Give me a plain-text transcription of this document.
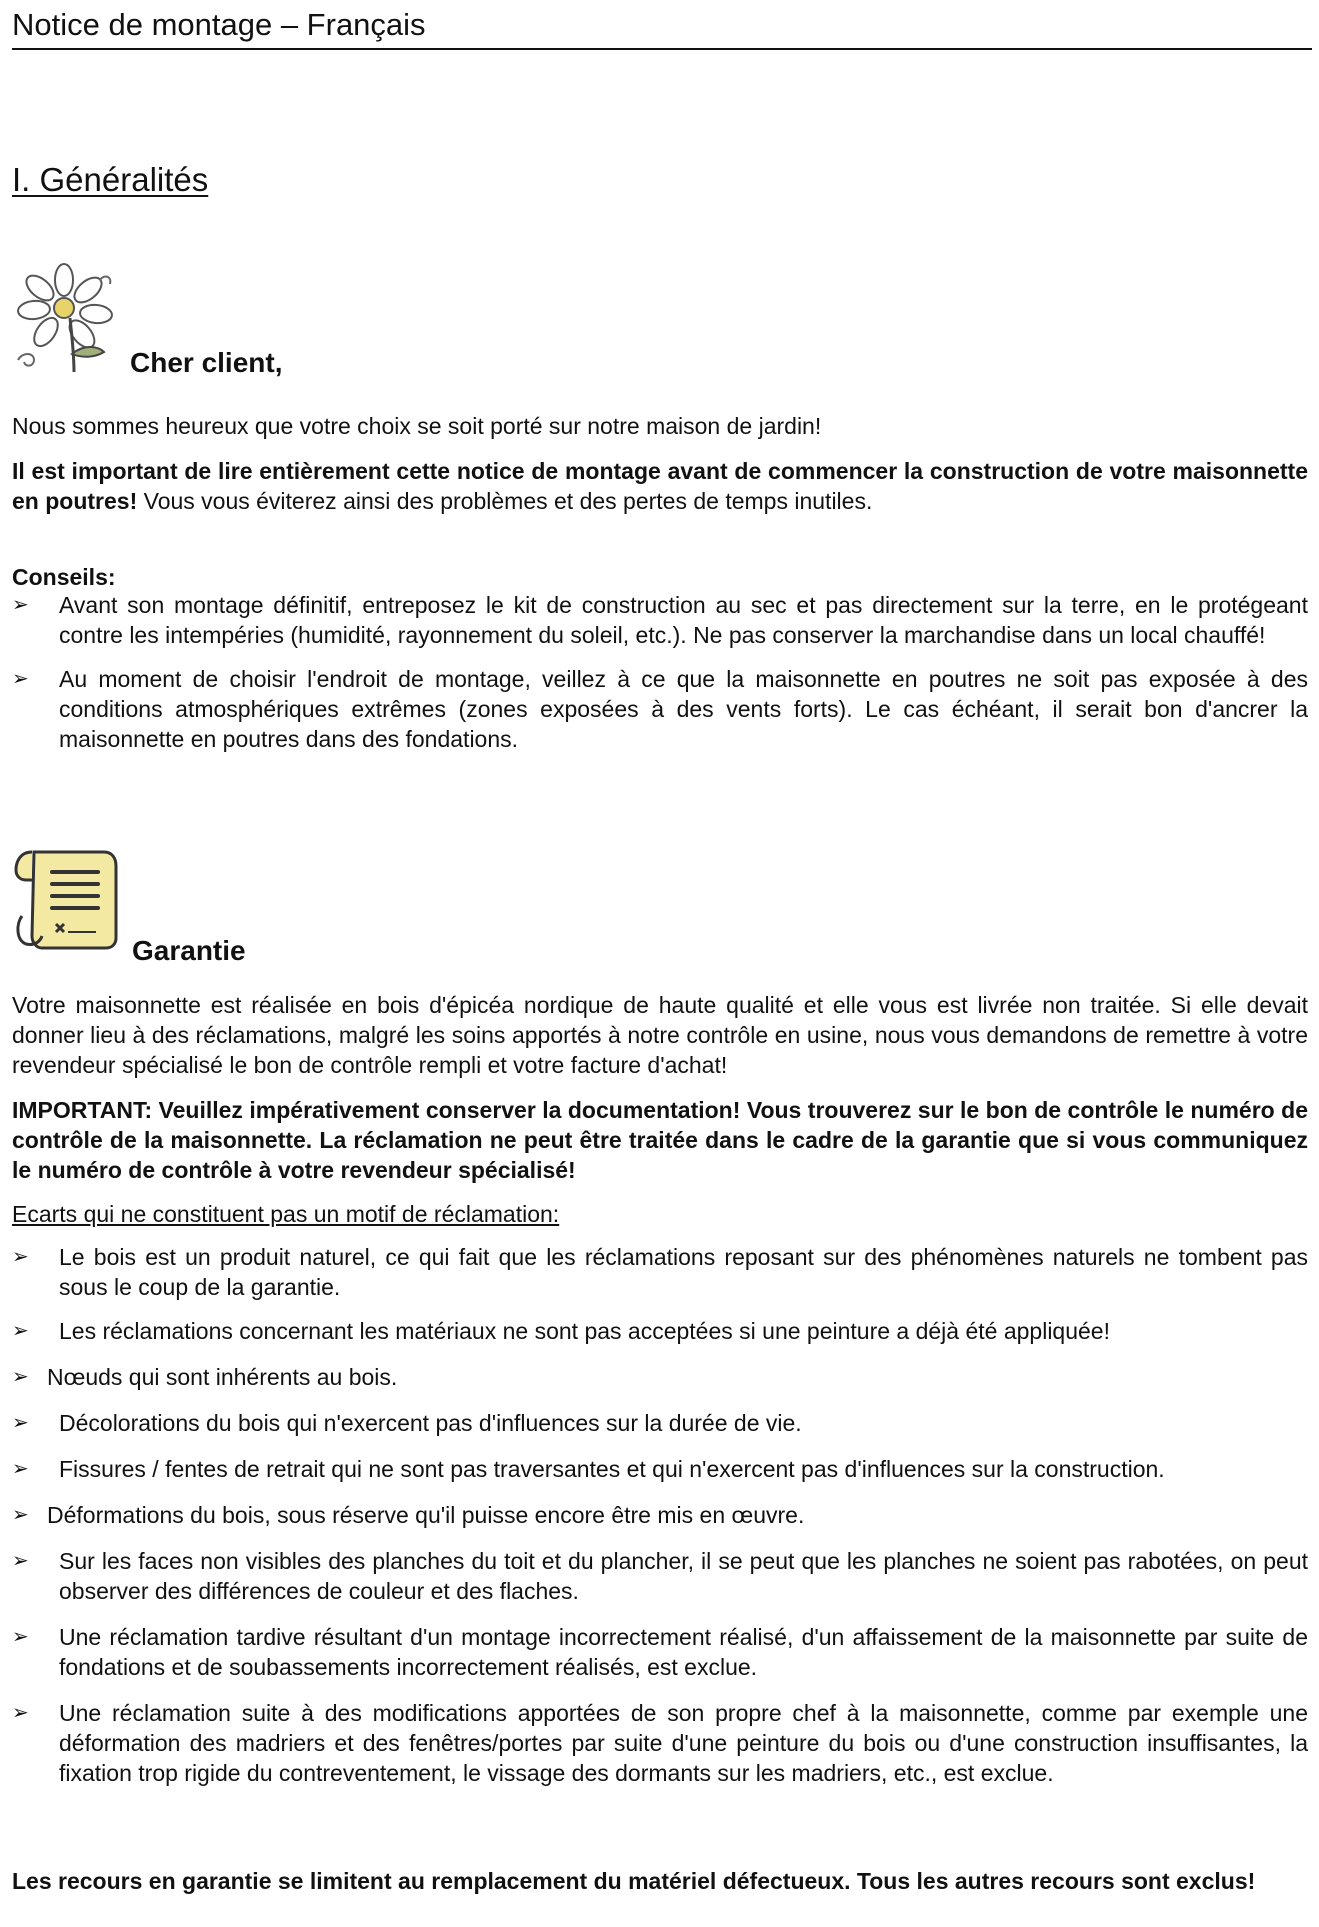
Notice de montage – Français
I. Généralités
Cher client,

Nous sommes heureux que votre choix se soit porté sur notre maison de jardin!

Il est important de lire entièrement cette notice de montage avant de commencer la construction de votre maisonnette en poutres! Vous vous éviterez ainsi des problèmes et des pertes de temps inutiles.

Conseils:

➢ Avant son montage définitif, entreposez le kit de construction au sec et pas directement sur la terre, en le protégeant contre les intempéries (humidité, rayonnement du soleil, etc.). Ne pas conserver la marchandise dans un local chauffé!
➢ Au moment de choisir l'endroit de montage, veillez à ce que la maisonnette en poutres ne soit pas exposée à des conditions atmosphériques extrêmes (zones exposées à des vents forts). Le cas échéant, il serait bon d'ancrer la maisonnette en poutres dans des fondations.
Garantie

Votre maisonnette est réalisée en bois d'épicéa nordique de haute qualité et elle vous est livrée non traitée. Si elle devait donner lieu à des réclamations, malgré les soins apportés à notre contrôle en usine, nous vous demandons de remettre à votre revendeur spécialisé le bon de contrôle rempli et votre facture d'achat!

IMPORTANT: Veuillez impérativement conserver la documentation! Vous trouverez sur le bon de contrôle le numéro de contrôle de la maisonnette. La réclamation ne peut être traitée dans le cadre de la garantie que si vous communiquez le numéro de contrôle à votre revendeur spécialisé!

Ecarts qui ne constituent pas un motif de réclamation:

➢ Le bois est un produit naturel, ce qui fait que les réclamations reposant sur des phénomènes naturels ne tombent pas sous le coup de la garantie.
➢ Les réclamations concernant les matériaux ne sont pas acceptées si une peinture a déjà été appliquée!
➢ Nœuds qui sont inhérents au bois.
➢ Décolorations du bois qui n'exercent pas d'influences sur la durée de vie.
➢ Fissures / fentes de retrait qui ne sont pas traversantes et qui n'exercent pas d'influences sur la construction.
➢ Déformations du bois, sous réserve qu'il puisse encore être mis en œuvre.
➢ Sur les faces non visibles des planches du toit et du plancher, il se peut que les planches ne soient pas rabotées, on peut observer des différences de couleur et des flaches.
➢ Une réclamation tardive résultant d'un montage incorrectement réalisé, d'un affaissement de la maisonnette par suite de fondations et de soubassements incorrectement réalisés, est exclue.
➢ Une réclamation suite à des modifications apportées de son propre chef à la maisonnette, comme par exemple une déformation des madriers et des fenêtres/portes par suite d'une peinture du bois ou d'une construction insuffisantes, la fixation trop rigide du contreventement, le vissage des dormants sur les madriers, etc., est exclue.

Les recours en garantie se limitent au remplacement du matériel défectueux. Tous les autres recours sont exclus!
